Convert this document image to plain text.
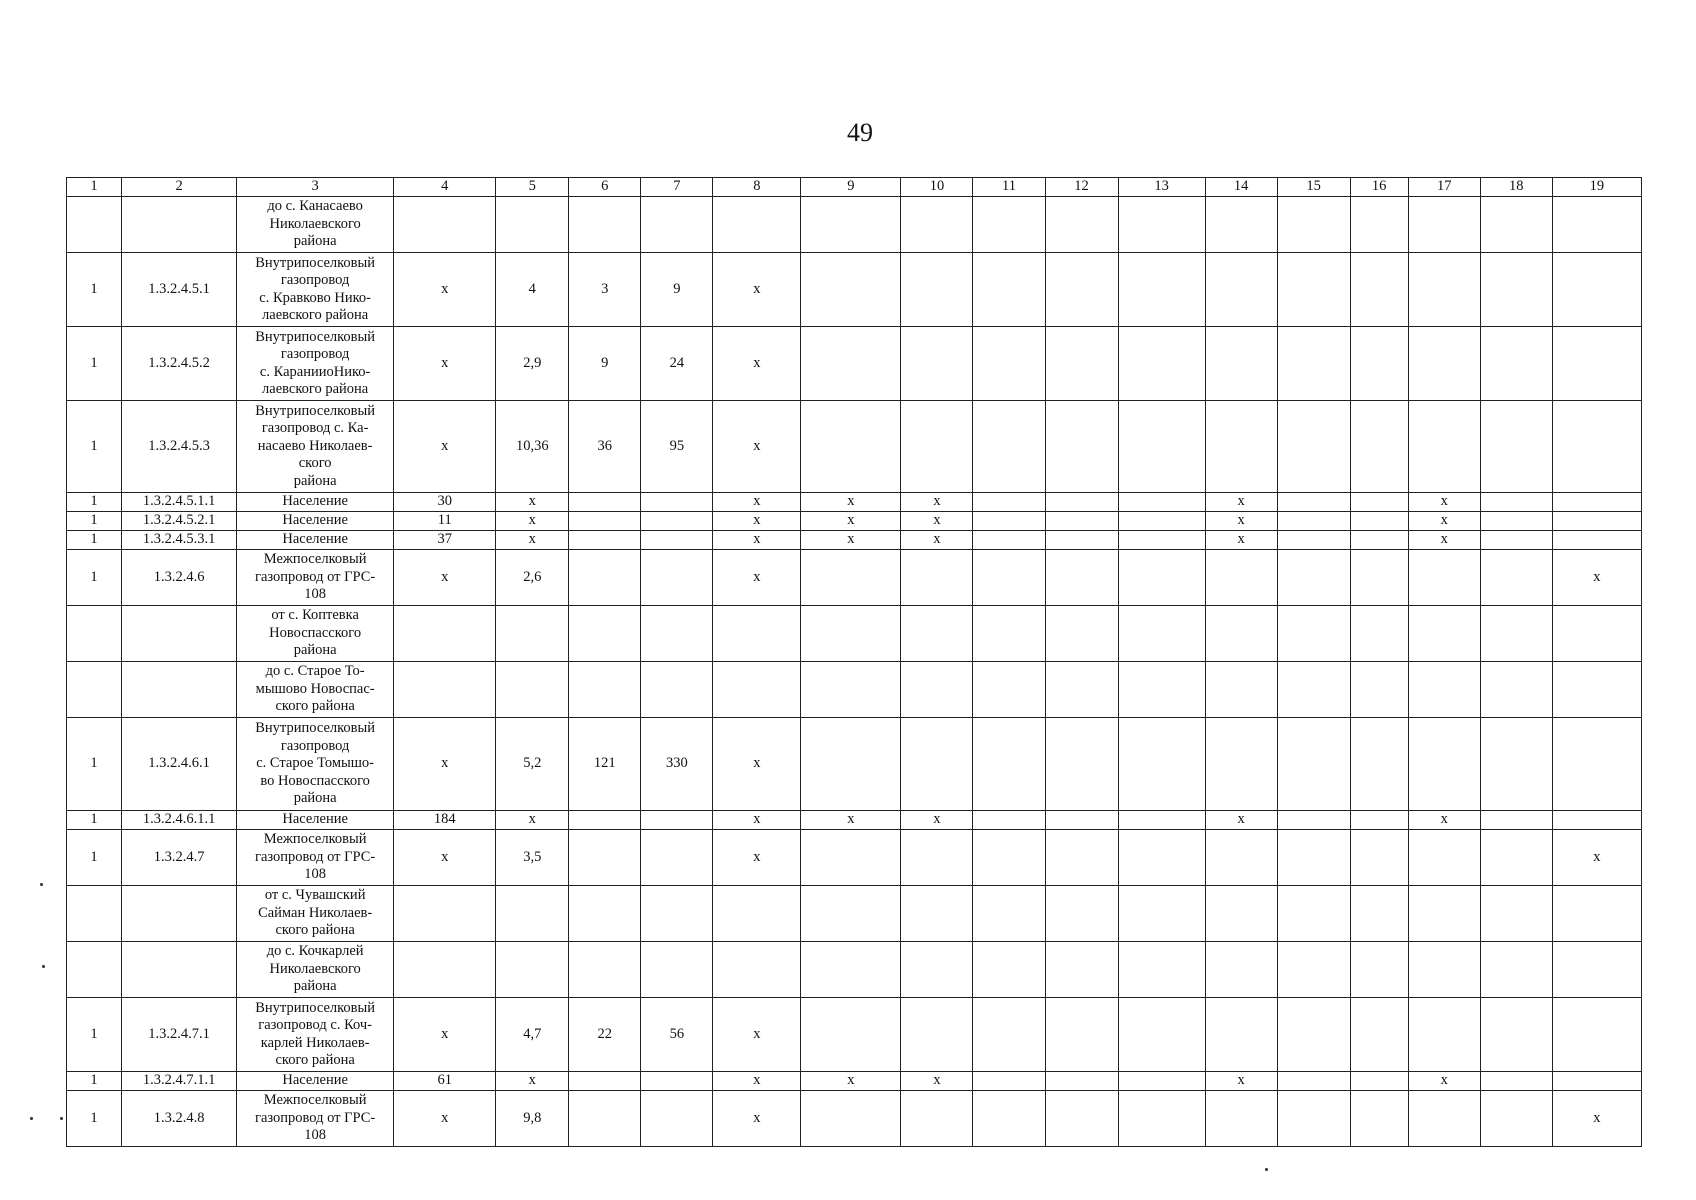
49
1	2	3	4	5	6	7	8	9	10	11	12	13	14	15	16	17	18	19
		до с. Канасаево
Николаевского
района																
1	1.3.2.4.5.1	Внутрипоселковый
газопровод
с. Кравково Нико-
лаевского района	х	4	3	9	х											
1	1.3.2.4.5.2	Внутрипоселковый
газопровод
с. КаранииоНико-
лаевского района	х	2,9	9	24	х											
1	1.3.2.4.5.3	Внутрипоселковый
газопровод с. Ка-
насаево Николаев-
ского
района	х	10,36	36	95	х											
1	1.3.2.4.5.1.1	Население	30	х			х	х	х				х			х		
1	1.3.2.4.5.2.1	Население	11	х			х	х	х				х			х		
1	1.3.2.4.5.3.1	Население	37	х			х	х	х				х			х		
1	1.3.2.4.6	Межпоселковый
газопровод от ГРС-
108	х	2,6			х											х
		от с. Коптевка
Новоспасского
района																
		до с. Старое То-
мышово Новоспас-
ского района																
1	1.3.2.4.6.1	Внутрипоселковый
газопровод
с. Старое Томышо-
во Новоспасского
района	х	5,2	121	330	х											
1	1.3.2.4.6.1.1	Население	184	х			х	х	х				х			х		
1	1.3.2.4.7	Межпоселковый
газопровод от ГРС-
108	х	3,5			х											х
		от с. Чувашский
Сайман Николаев-
ского района																
		до с. Кочкарлей
Николаевского
района																
1	1.3.2.4.7.1	Внутрипоселковый
газопровод с. Коч-
карлей Николаев-
ского района	х	4,7	22	56	х											
1	1.3.2.4.7.1.1	Население	61	х			х	х	х				х			х		
1	1.3.2.4.8	Межпоселковый
газопровод от ГРС-
108	х	9,8			х											х
